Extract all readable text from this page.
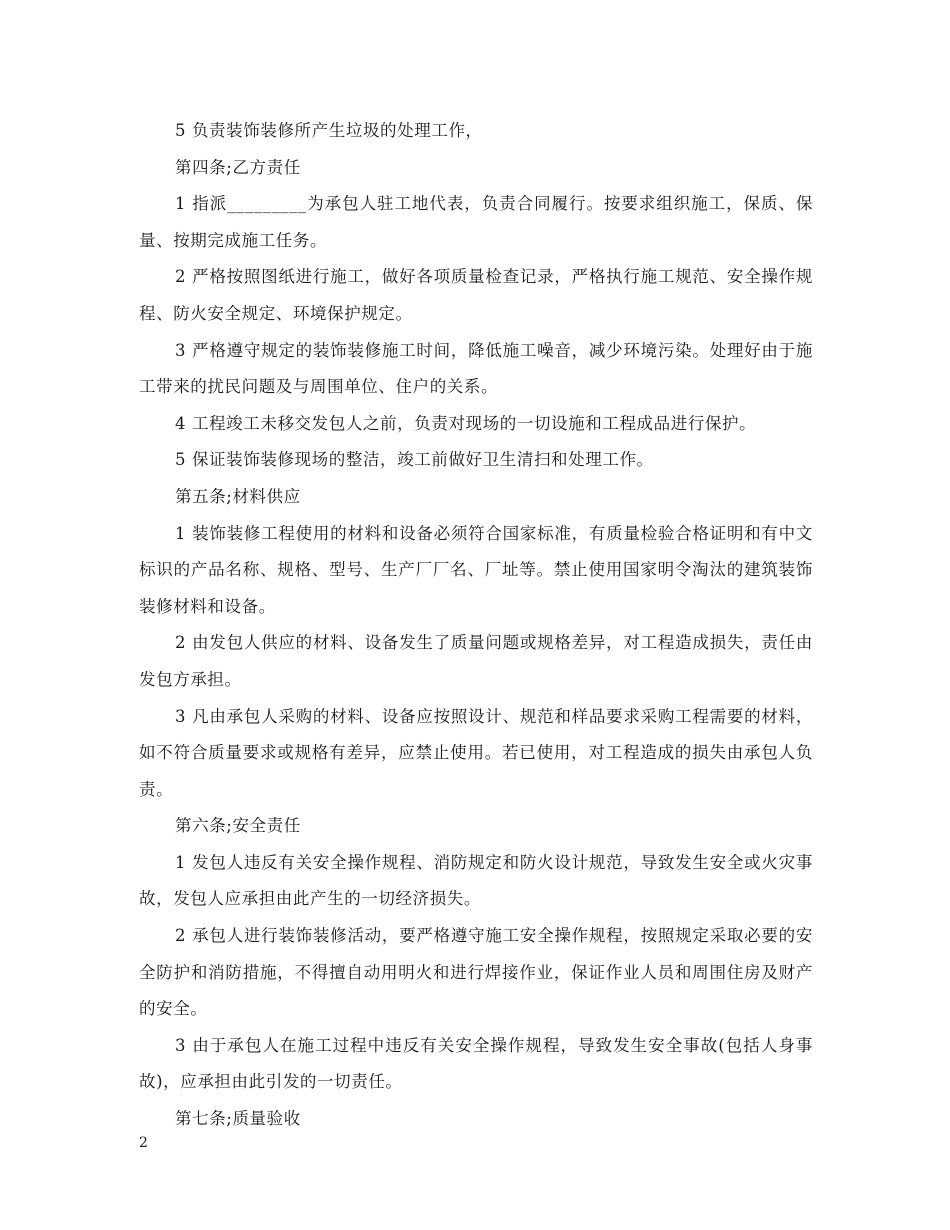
5 负责装饰装修所产生垃圾的处理工作，

第四条;乙方责任

1 指派_________为承包人驻工地代表，负责合同履行。按要求组织施工，保质、保量、按期完成施工任务。

2 严格按照图纸进行施工，做好各项质量检查记录，严格执行施工规范、安全操作规程、防火安全规定、环境保护规定。

3 严格遵守规定的装饰装修施工时间，降低施工噪音，减少环境污染。处理好由于施工带来的扰民问题及与周围单位、住户的关系。

4 工程竣工未移交发包人之前，负责对现场的一切设施和工程成品进行保护。

5 保证装饰装修现场的整洁，竣工前做好卫生清扫和处理工作。

第五条;材料供应

1 装饰装修工程使用的材料和设备必须符合国家标准，有质量检验合格证明和有中文标识的产品名称、规格、型号、生产厂厂名、厂址等。禁止使用国家明令淘汰的建筑装饰装修材料和设备。

2 由发包人供应的材料、设备发生了质量问题或规格差异，对工程造成损失，责任由发包方承担。

3 凡由承包人采购的材料、设备应按照设计、规范和样品要求采购工程需要的材料，如不符合质量要求或规格有差异，应禁止使用。若已使用，对工程造成的损失由承包人负责。

第六条;安全责任

1 发包人违反有关安全操作规程、消防规定和防火设计规范，导致发生安全或火灾事故，发包人应承担由此产生的一切经济损失。

2 承包人进行装饰装修活动，要严格遵守施工安全操作规程，按照规定采取必要的安全防护和消防措施，不得擅自动用明火和进行焊接作业，保证作业人员和周围住房及财产的安全。

3 由于承包人在施工过程中违反有关安全操作规程，导致发生安全事故(包括人身事故)，应承担由此引发的一切责任。

第七条;质量验收

2
